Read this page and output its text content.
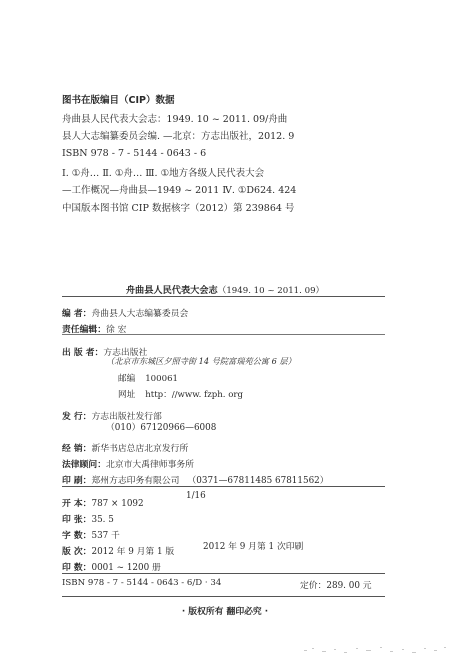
图书在版编目（CIP）数据
舟曲县人民代表大会志：1949. 10 ~ 2011. 09/舟曲
县人大志编纂委员会编. —北京：方志出版社，2012. 9
ISBN 978 - 7 - 5144 - 0643 - 6
Ⅰ. ①舟… Ⅱ. ①舟… Ⅲ. ①地方各级人民代表大会
—工作概况—舟曲县—1949 ~ 2011 Ⅳ. ①D624. 424
中国版本图书馆 CIP 数据核字（2012）第 239864 号
舟曲县人民代表大会志（1949. 10 ~ 2011. 09）
编 者：舟曲县人大志编纂委员会
责任编辑：徐 宏
出 版 者：方志出版社
（北京市东城区夕照寺街 14 号院富瑞苑公寓 6 层）
邮编 100061
网址 http：//www. fzph. org
发 行：方志出版社发行部
（010）67120966—6008
经 销：新华书店总店北京发行所
法律顾问：北京市大禹律师事务所
印 刷：郑州方志印务有限公司 （0371—67811485 67811562）
开 本：787 × 1092
1/16
印 张：35. 5
字 数：537 千
版 次：2012 年 9 月第 1 版	2012 年 9 月第 1 次印刷
印 数：0001 ~ 1200 册
ISBN 978 - 7 - 5144 - 0643 - 6/D · 34	定价：289. 00 元
· 版权所有 翻印必究 ·
